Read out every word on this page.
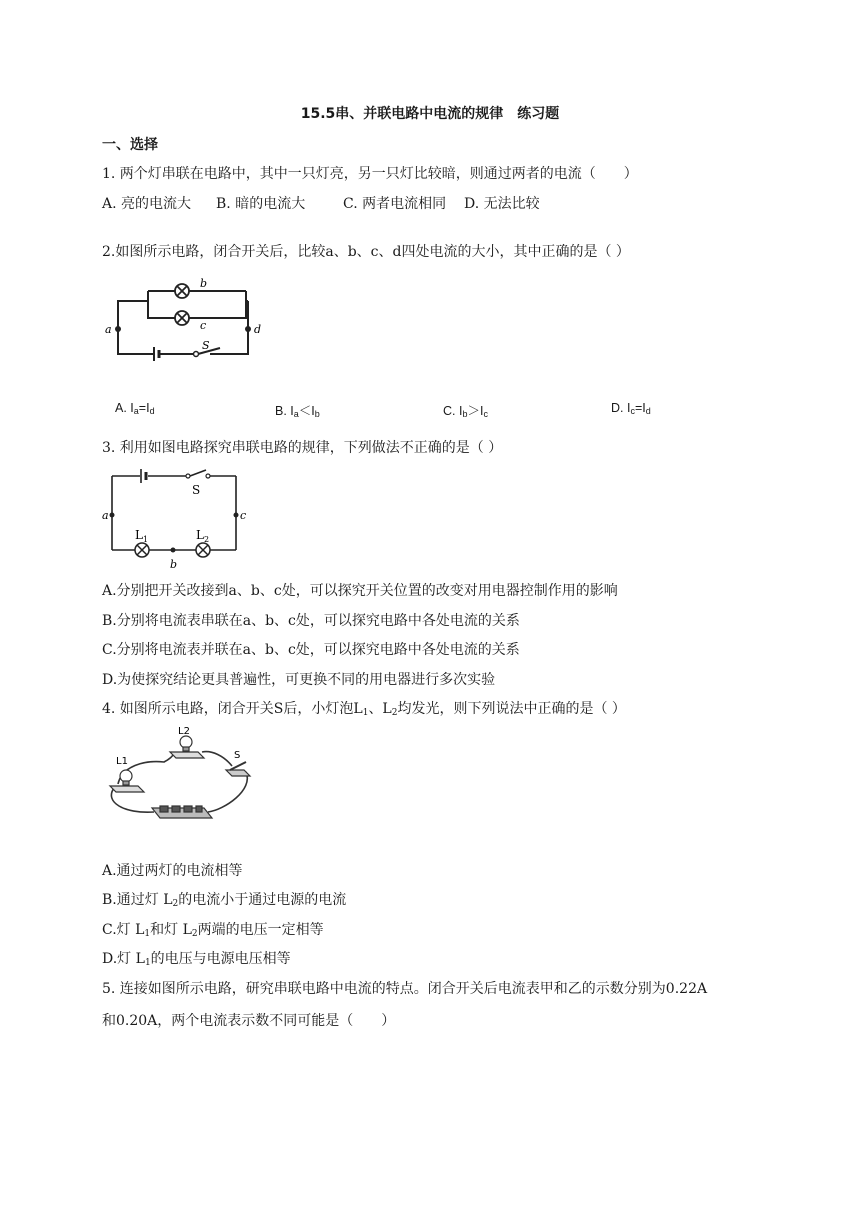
15.5串、并联电路中电流的规律　练习题
一、选择
1. 两个灯串联在电路中，其中一只灯亮，另一只灯比较暗，则通过两者的电流（　　）
A. 亮的电流大 B. 暗的电流大	C. 两者电流相同 D. 无法比较
2.如图所示电路，闭合开关后，比较a、b、c、d四处电流的大小，其中正确的是（ ）
a
b
c	d
S
A. $I_a=I_d$	B. $I_a<I_b$	C. $I_b>I_c$	D. $I_c=I_d$
3. 利用如图电路探究串联电路的规律，下列做法不正确的是（ ）
S
a	c
b
$L_1$	$L_2$
A.分别把开关改接到a、b、c处，可以探究开关位置的改变对用电器控制作用的影响
B.分别将电流表串联在a、b、c处，可以探究电路中各处电流的关系
C.分别将电流表并联在a、b、c处，可以探究电路中各处电流的关系
D.为使探究结论更具普遍性，可更换不同的用电器进行多次实验
4. 如图所示电路，闭合开关S后，小灯泡$L_1$、$L_2$均发光，则下列说法中正确的是（ ）
L1
L2
S
A.通过两灯的电流相等
B.通过灯 $L_2$的电流小于通过电源的电流
C.灯 $L_1$和灯 $L_2$两端的电压一定相等
D.灯 $L_1$的电压与电源电压相等
5. 连接如图所示电路，研究串联电路中电流的特点。闭合开关后电流表甲和乙的示数分别为0.22A
和0.20A，两个电流表示数不同可能是（　　）
